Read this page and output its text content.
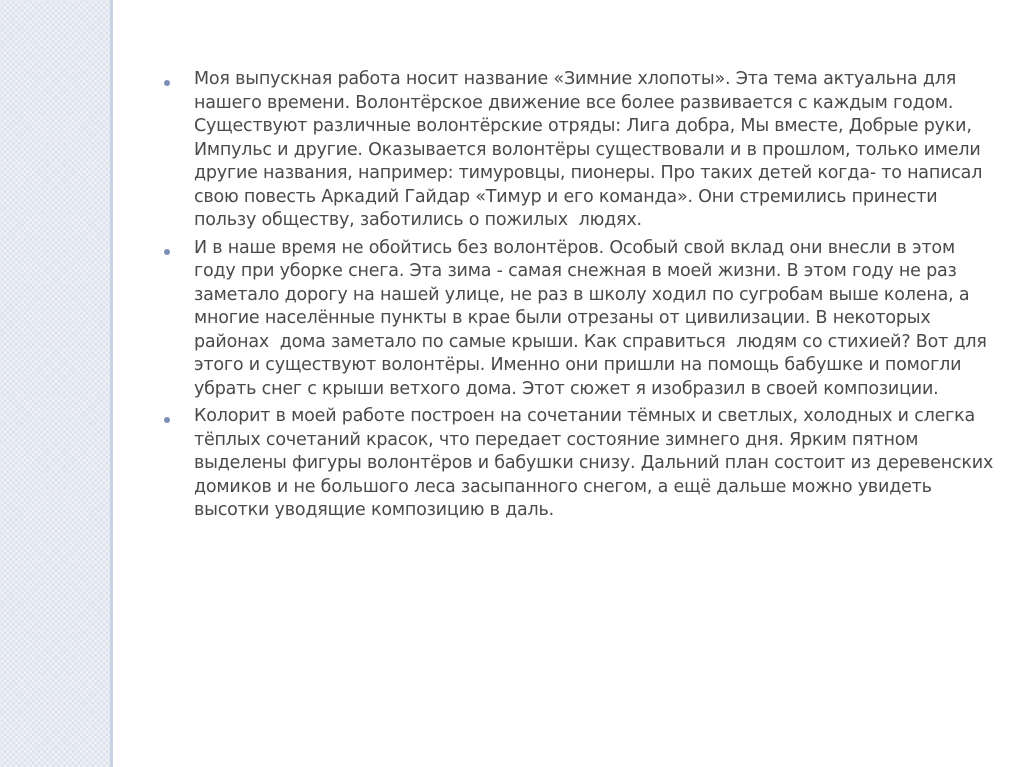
Моя выпускная работа носит название «Зимние хлопоты». Эта тема актуальна для нашего времени. Волонтёрское движение все более развивается с каждым годом. Существуют различные волонтёрские отряды: Лига добра, Мы вместе, Добрые руки, Импульс и другие. Оказывается волонтёры существовали и в прошлом, только имели другие названия, например: тимуровцы, пионеры. Про таких детей когда- то написал свою повесть Аркадий Гайдар «Тимур и его команда». Они стремились принести пользу обществу, заботились о пожилых  людях.
И в наше время не обойтись без волонтёров. Особый свой вклад они внесли в этом году при уборке снега. Эта зима - самая снежная в моей жизни. В этом году не раз заметало дорогу на нашей улице, не раз в школу ходил по сугробам выше колена, а многие населённые пункты в крае были отрезаны от цивилизации. В некоторых районах  дома заметало по самые крыши. Как справиться  людям со стихией? Вот для этого и существуют волонтёры. Именно они пришли на помощь бабушке и помогли убрать снег с крыши ветхого дома. Этот сюжет я изобразил в своей композиции.
Колорит в моей работе построен на сочетании тёмных и светлых, холодных и слегка тёплых сочетаний красок, что передает состояние зимнего дня. Ярким пятном выделены фигуры волонтёров и бабушки снизу. Дальний план состоит из деревенских домиков и не большого леса засыпанного снегом, а ещё дальше можно увидеть высотки уводящие композицию в даль.
